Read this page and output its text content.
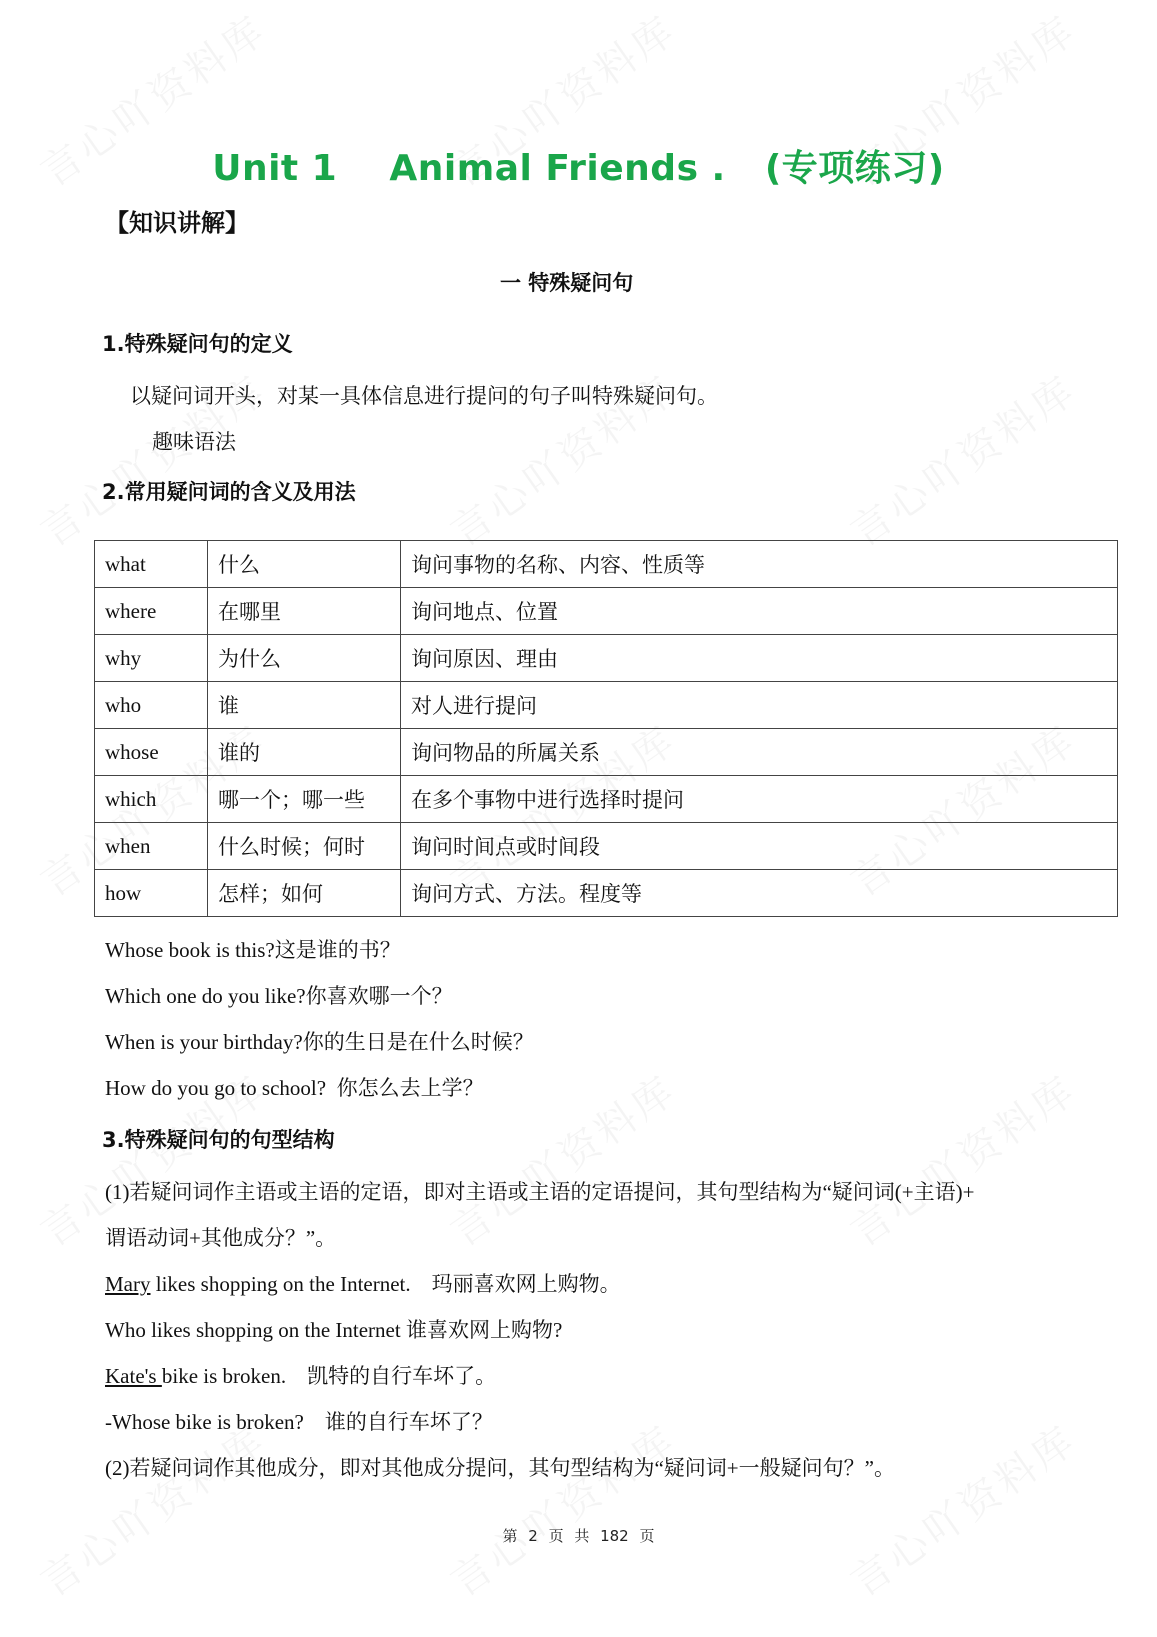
Unit 1 Animal Friends . (专项练习)
【知识讲解】
一 特殊疑问句
1.特殊疑问句的定义
以疑问词开头，对某一具体信息进行提问的句子叫特殊疑问句。
趣味语法
2.常用疑问词的含义及用法
what	什么	询问事物的名称、内容、性质等
where	在哪里	询问地点、位置
why	为什么	询问原因、理由
who	谁	对人进行提问
whose	谁的	询问物品的所属关系
which	哪一个；哪一些	在多个事物中进行选择时提问
when	什么时候；何时	询问时间点或时间段
how	怎样；如何	询问方式、方法。程度等
Whose book is this?这是谁的书？
Which one do you like?你喜欢哪一个？
When is your birthday?你的生日是在什么时候？
How do you go to school?  你怎么去上学？
3.特殊疑问句的句型结构
(1)若疑问词作主语或主语的定语，即对主语或主语的定语提问，其句型结构为“疑问词(+主语)+
谓语动词+其他成分？”。
Mary likes shopping on the Internet.    玛丽喜欢网上购物。
Who likes shopping on the Internet 谁喜欢网上购物?
Kate's bike is broken.    凯特的自行车坏了。
-Whose bike is broken?    谁的自行车坏了？
(2)若疑问词作其他成分，即对其他成分提问，其句型结构为“疑问词+一般疑问句？”。
第 2 页 共 182 页
